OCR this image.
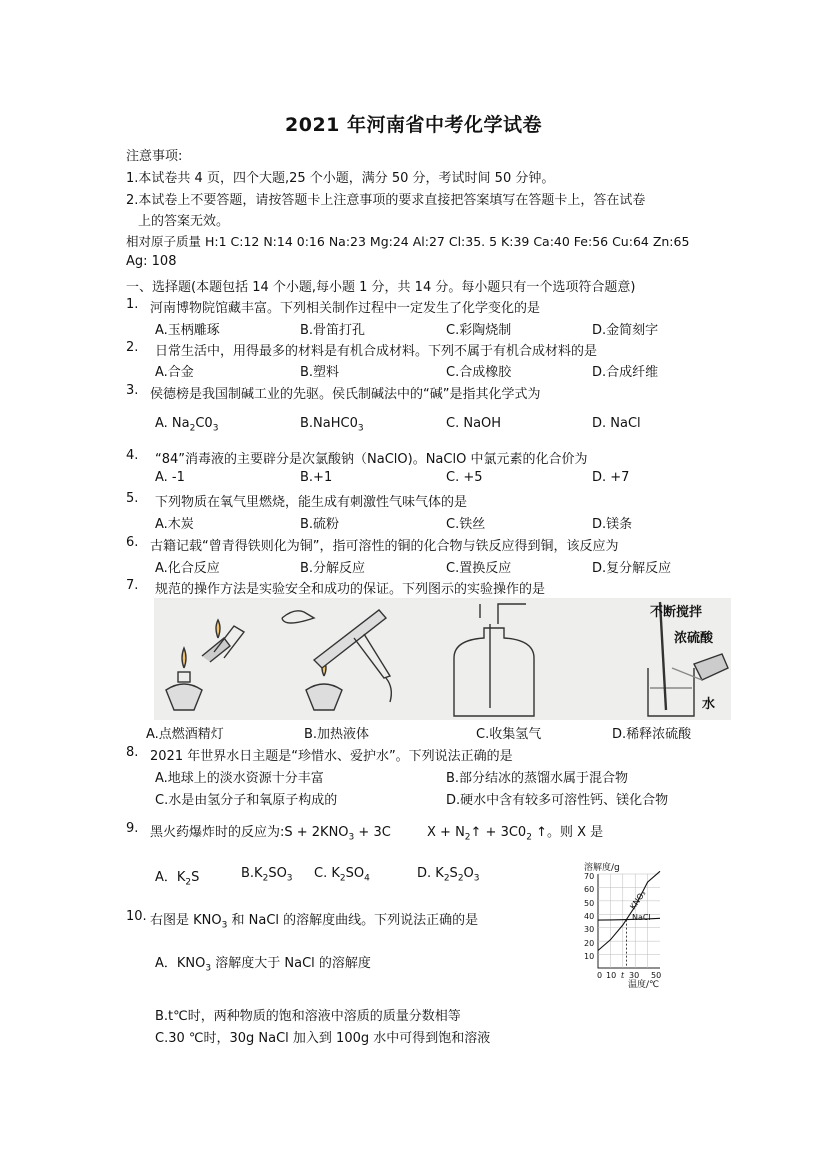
2021 年河南省中考化学试卷
注意事项:
1.本试卷共 4 页，四个大题,25 个小题，满分 50 分，考试时间 50 分钟。
2.本试卷上不要答题，请按答题卡上注意事项的要求直接把答案填写在答题卡上，答在试卷
上的答案无效。
相对原子质量 H:1 C:12 N:14 0:16 Na:23 Mg:24 Al:27 Cl:35. 5 K:39 Ca:40 Fe:56 Cu:64 Zn:65
Ag: 108
一、选择题(本题包括 14 个小题,每小题 1 分，共 14 分。每小题只有一个选项符合题意)
1. 河南博物院馆藏丰富。下列相关制作过程中一定发生了化学变化的是
A.玉柄雕琢	B.骨笛打孔	C.彩陶烧制	D.金简刻字
2. 日常生活中，用得最多的材料是有机合成材料。下列不属于有机合成材料的是
A.合金	B.塑料	C.合成橡胶	D.合成纤维
3. 侯德榜是我国制碱工业的先驱。侯氏制碱法中的“碱”是指其化学式为
A. $Na_2C0_3$	$B.NaHC0_3$	C. NaOH	D. NaCl
4. “84”消毒液的主要辟分是次氯酸钠（NaClO)。NaClO 中氯元素的化合价为
A. -1	B.+1	C. +5	D. +7
5. 下列物质在氧气里燃烧，能生成有刺激性气味气体的是
A.木炭	B.硫粉	C.铁丝	D.镁条
6. 古籍记载“曾青得铁则化为铜”，指可溶性的铜的化合物与铁反应得到铜，该反应为
A.化合反应	B.分解反应	C.置换反应	D.复分解反应
7. 规范的操作方法是实验安全和成功的保证。下列图示的实验操作的是
不断搅拌
浓硫酸
水
A.点燃酒精灯	B.加热液体	C.收集氢气	D.稀释浓硫酸
8. 2021 年世界水日主题是“珍惜水、爱护水”。下列说法正确的是
A.地球上的淡水资源十分丰富	B.部分结冰的蒸馏水属于混合物
C.水是由氢分子和氧原子构成的	D.硬水中含有较多可溶性钙、镁化合物
9. 黑火药爆炸时的反应为:S + $2KNO_3 + 3C$	$X + N_2↑ + 3C0_2$ ↑。则 X 是
A．$K_2S$	$B.K_2SO_3$ C. $K_2SO_4$	D. $K_2S_2O_3$
10. 右图是 $KNO_3$ 和 NaCl 的溶解度曲线。下列说法正确的是
A．$KNO_3$ 溶解度大于 NaCl 的溶解度
B.t℃时，两种物质的饱和溶液中溶质的质量分数相等
C.30 ℃时，30g NaCl 加入到 100g 水中可得到饱和溶液
溶解度/g
温度/℃
0 10 t 30 50
10
20
30
40
50
60
70
KNO₃
NaCl
